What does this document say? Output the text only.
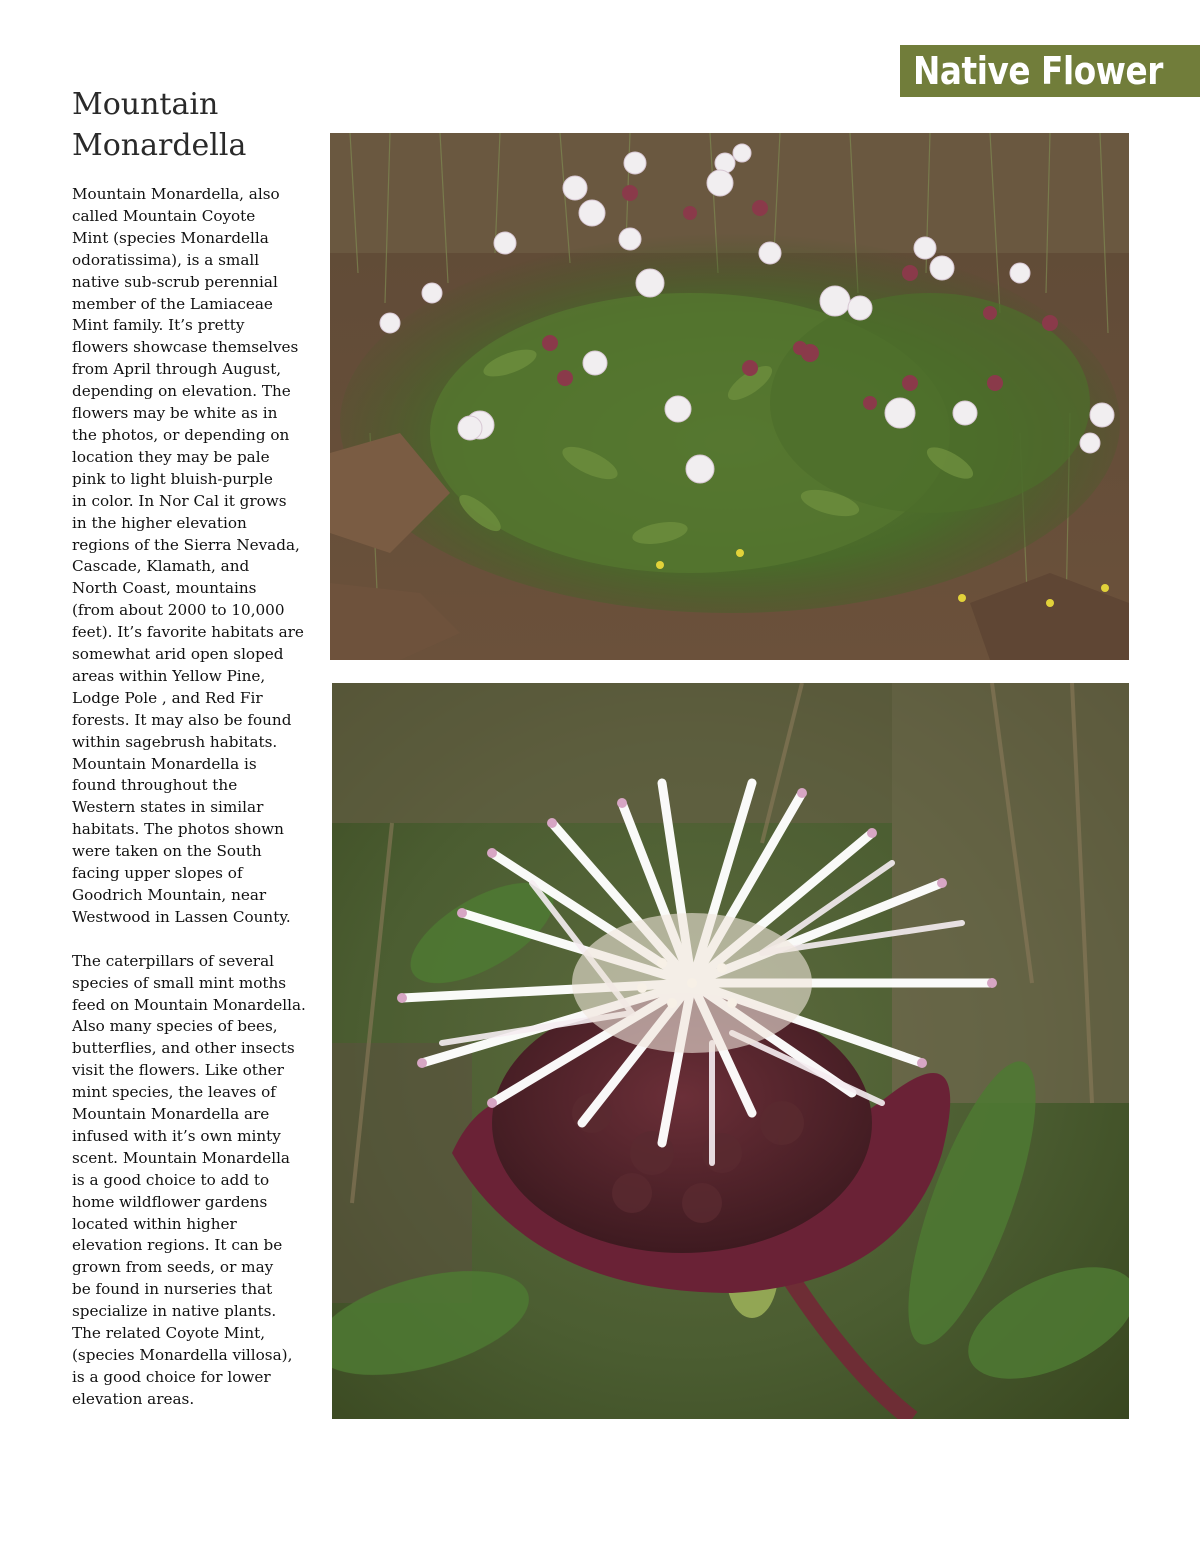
Native Flower
Mountain
Monardella
Mountain Monardella, also
called Mountain Coyote
Mint (species Monardella
odoratissima), is a small
native sub-scrub perennial
member of the Lamiaceae
Mint family. It’s pretty
flowers showcase themselves
from April through August,
depending on elevation. The
flowers may be white as in
the photos, or depending on
location they may be pale
pink to light bluish-purple
in color. In Nor Cal it grows
in the higher elevation
regions of the Sierra Nevada,
Cascade, Klamath, and
North Coast, mountains
(from about 2000 to 10,000
feet). It’s favorite habitats are
somewhat arid open sloped
areas within Yellow Pine,
Lodge Pole , and Red Fir
forests. It may also be found
within sagebrush habitats.
Mountain Monardella is
found throughout the
Western states in similar
habitats. The photos shown
were taken on the South
facing upper slopes of
Goodrich Mountain, near
Westwood in Lassen County.
The caterpillars of several
species of small mint moths
feed on Mountain Monardella.
Also many species of bees,
butterflies, and other insects
visit the flowers. Like other
mint species, the leaves of
Mountain Monardella are
infused with it’s own minty
scent. Mountain Monardella
is a good choice to add to
home wildflower gardens
located within higher
elevation regions. It can be
grown from seeds, or may
be found in nurseries that
specialize in native plants.
The related Coyote Mint,
(species Monardella villosa),
is a good choice for lower
elevation areas.
